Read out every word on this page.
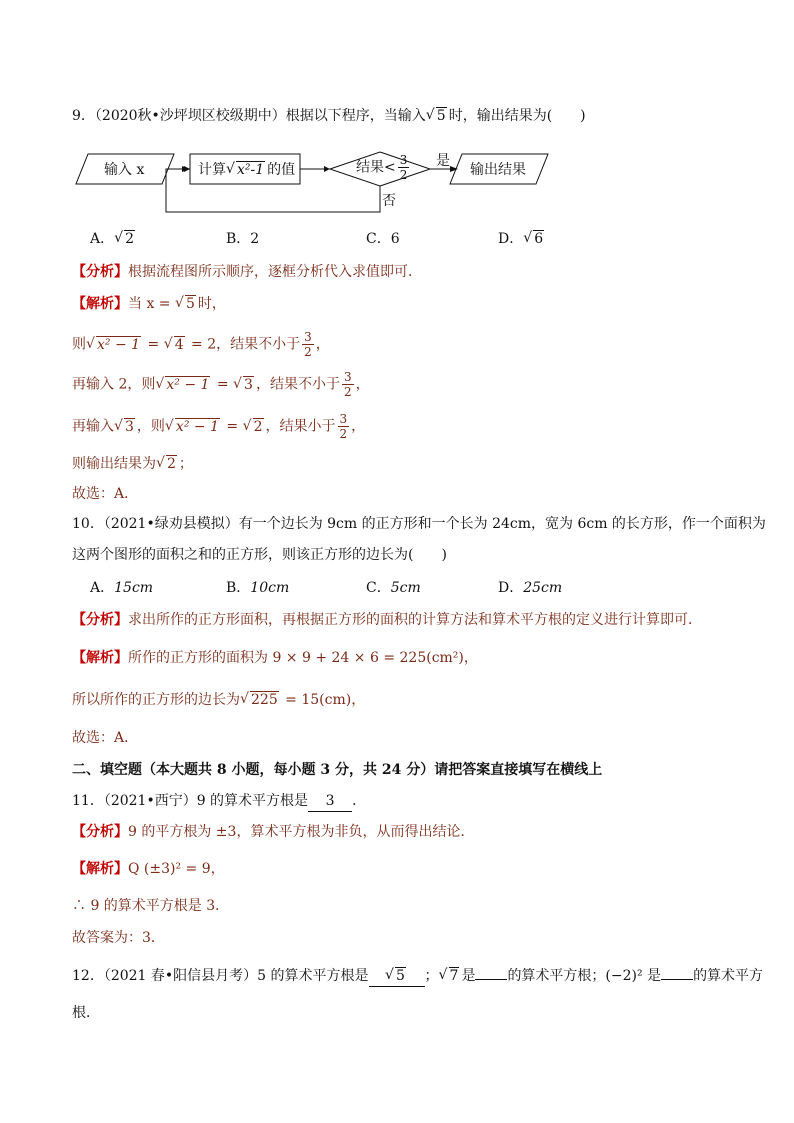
9．（2020秋•沙坪坝区校级期中）根据以下程序，当输入 √ 5 时，输出结果为(　　)
输入 x	计算 √ x²-1 的值	结果< $\frac{3}{2}$ 是
否
输出结果
A． √ 2	B．2	C．6	D． √ 6
【分析】根据流程图所示顺序，逐框分析代入求值即可．
【解析】当 x = √ 5 时，
则 √ x² − 1 = √ 4 = 2，结果不小于 $\frac{3}{2}$ ，
再输入 2，则 √ x² − 1 = √ 3 ，结果不小于 $\frac{3}{2}$ ，
再输入 √ 3 ，则 √ x² − 1 = √ 2 ，结果小于 $\frac{3}{2}$ ，
则输出结果为 √ 2 ；
故选：A．
10．（2021•绿劝县模拟）有一个边长为 9cm 的正方形和一个长为 24cm，宽为 6cm 的长方形，作一个面积为
这两个图形的面积之和的正方形，则该正方形的边长为(　　)
A．15cm	B．10cm	C．5cm	D．25cm
【分析】求出所作的正方形面积，再根据正方形的面积的计算方法和算术平方根的定义进行计算即可．
【解析】所作的正方形的面积为 9 × 9 + 24 × 6 = 225(cm²)，
所以所作的正方形的边长为 √ 225 = 15(cm)，
故选：A．
二、填空题（本大题共 8 小题，每小题 3 分，共 24 分）请把答案直接填写在横线上
11．（2021•西宁）9 的算术平方根是 3 ．
【分析】9 的平方根为 ±3，算术平方根为非负，从而得出结论．
【解析】Q (±3)² = 9，
∴ 9 的算术平方根是 3．
故答案为：3．
12．（2021 春•阳信县月考）5 的算术平方根是 √ 5 ； √ 7 是 的算术平方根；(−2)² 是 的算术平方
根．
